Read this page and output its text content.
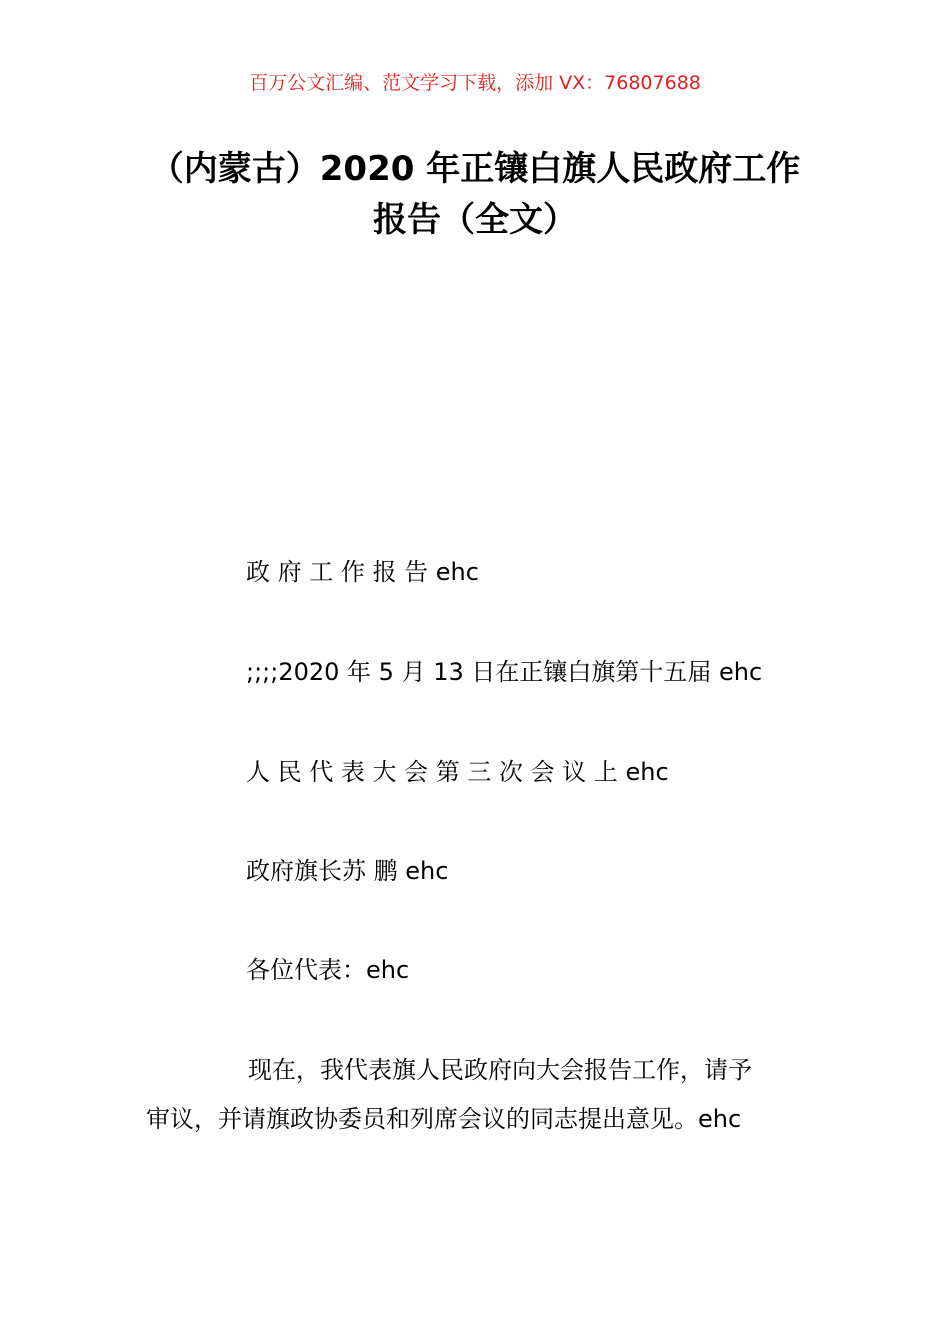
百万公文汇编、范文学习下载，添加 VX：76807688
（内蒙古）2020 年正镶白旗人民政府工作
报告（全文）
政 府 工 作 报 告 ehc
;;;;2020 年 5 月 13 日在正镶白旗第十五届 ehc
人 民 代 表 大 会 第 三 次 会 议 上 ehc
政府旗长苏 鹏 ehc
各位代表：ehc
现在，我代表旗人民政府向大会报告工作，请予
审议，并请旗政协委员和列席会议的同志提出意见。ehc
